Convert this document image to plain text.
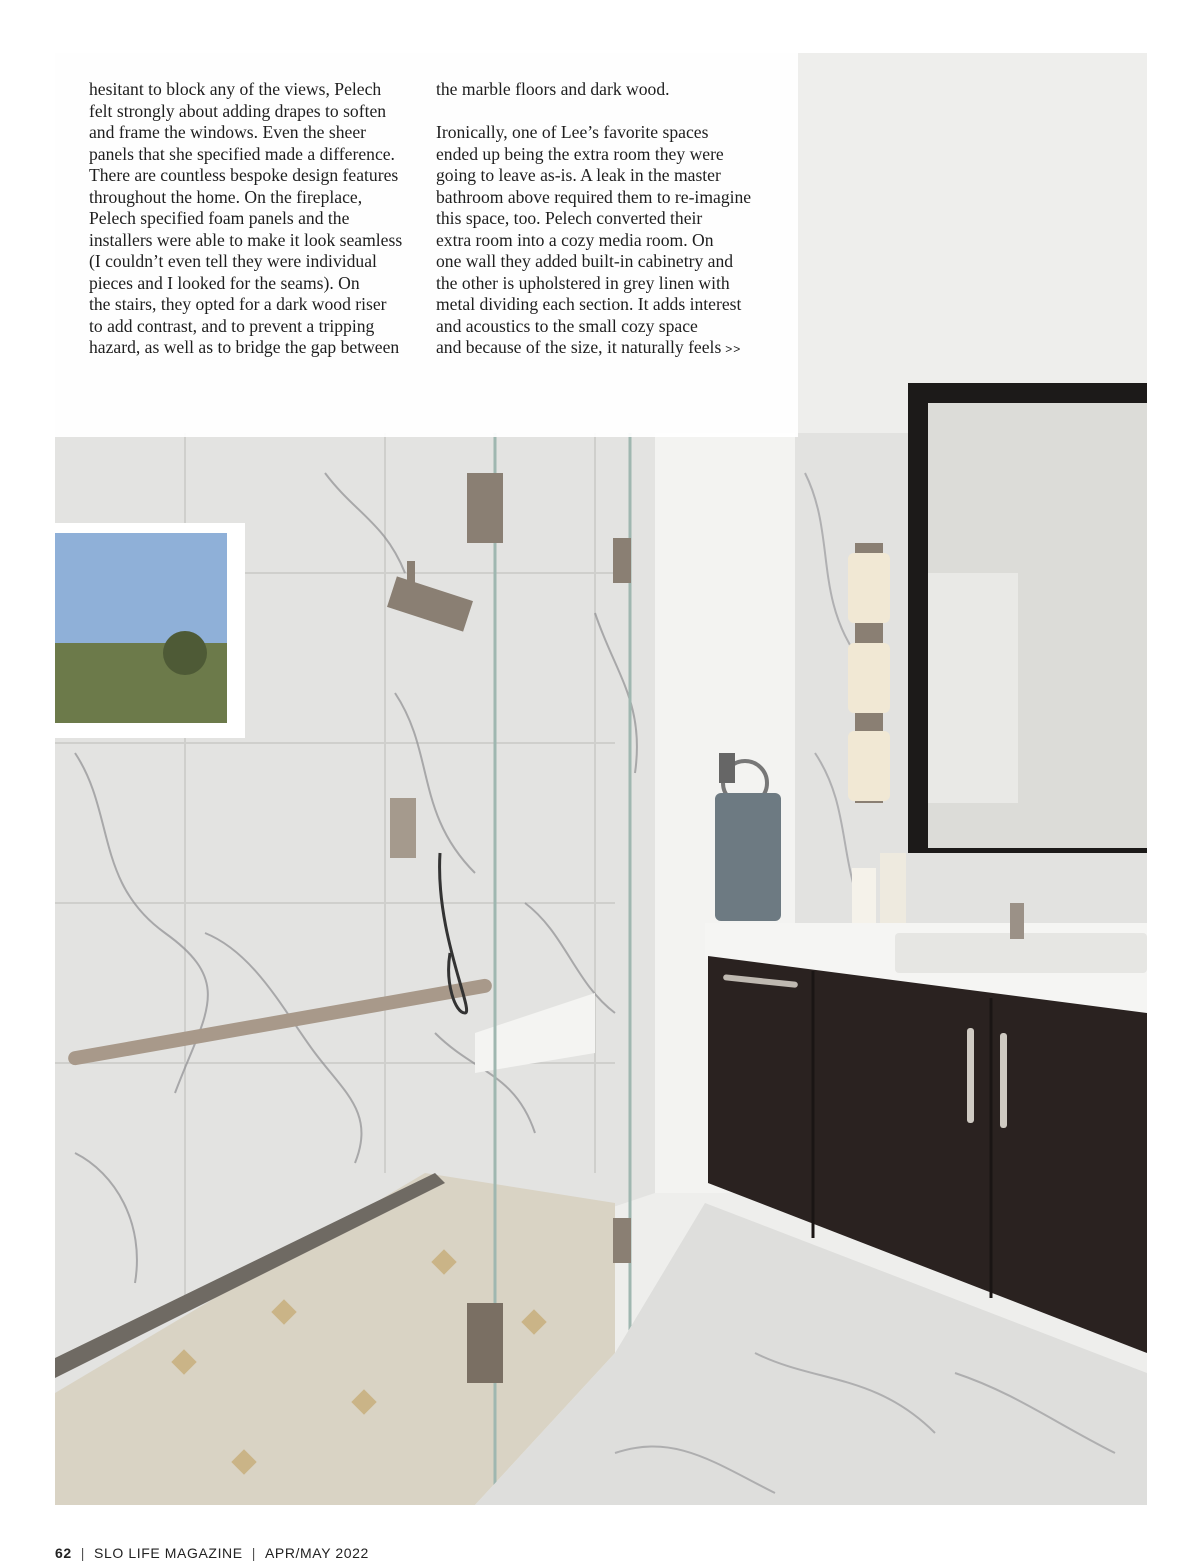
hesitant to block any of the views, Pelech
felt strongly about adding drapes to soften
and frame the windows. Even the sheer
panels that she specified made a difference.
There are countless bespoke design features
throughout the home. On the fireplace,
Pelech specified foam panels and the
installers were able to make it look seamless
(I couldn’t even tell they were individual
pieces and I looked for the seams). On
the stairs, they opted for a dark wood riser
to add contrast, and to prevent a tripping
hazard, as well as to bridge the gap between
the marble floors and dark wood.
Ironically, one of Lee’s favorite spaces
ended up being the extra room they were
going to leave as-is. A leak in the master
bathroom above required them to re-imagine
this space, too. Pelech converted their
extra room into a cozy media room. On
one wall they added built-in cabinetry and
the other is upholstered in grey linen with
metal dividing each section. It adds interest
and acoustics to the small cozy space
and because of the size, it naturally feels >>
62 | SLO LIFE MAGAZINE | APR/MAY 2022
